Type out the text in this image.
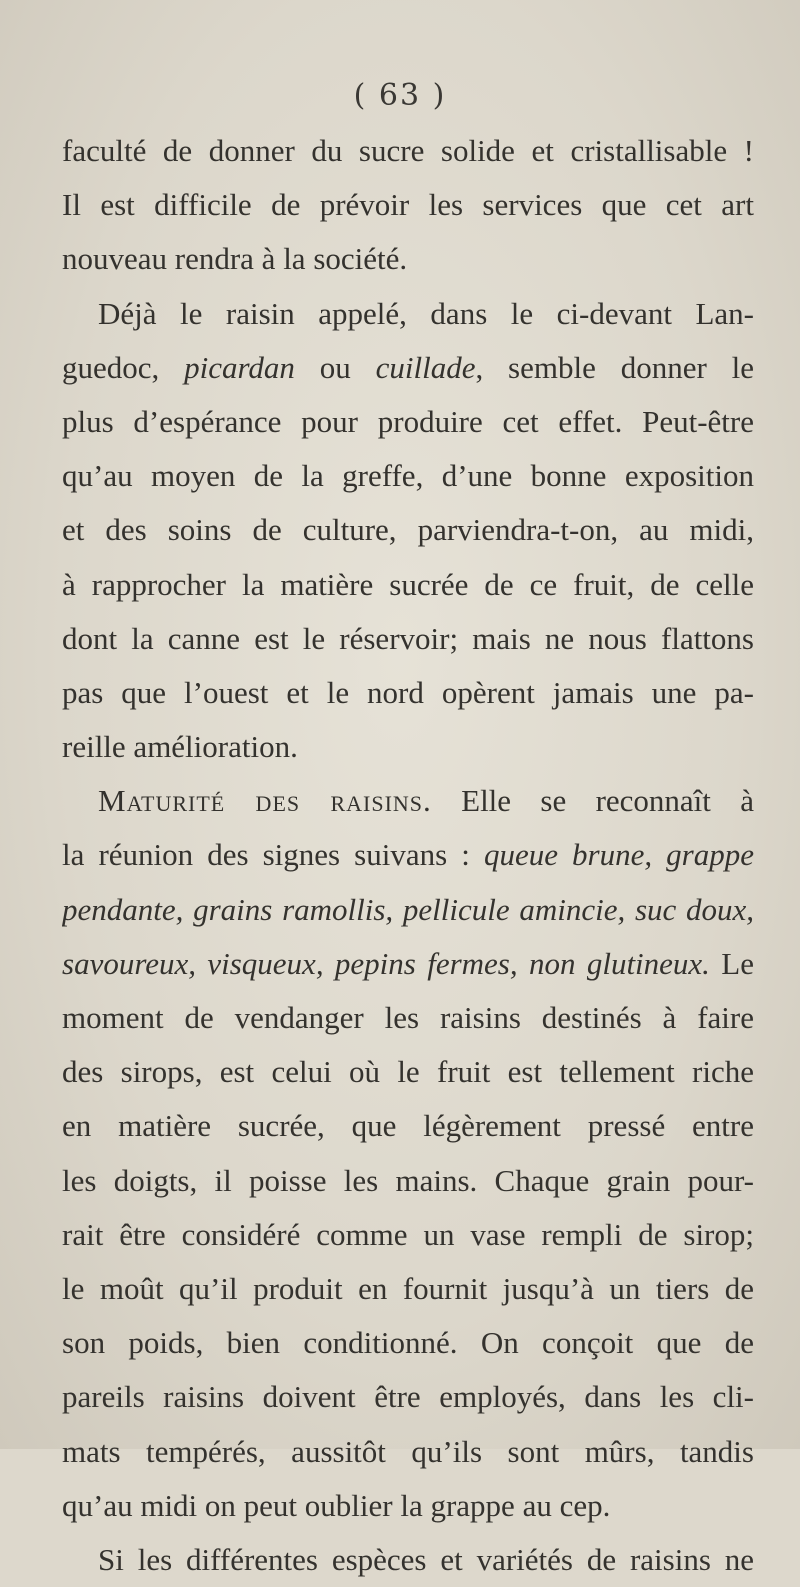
( 63 )
faculté de donner du sucre solide et cristallisable !
Il est difficile de prévoir les services que cet art
nouveau rendra à la société.
Déjà le raisin appelé, dans le ci-devant Lan-
guedoc, picardan ou cuillade, semble donner le
plus d’espérance pour produire cet effet. Peut-être
qu’au moyen de la greffe, d’une bonne exposition
et des soins de culture, parviendra-t-on, au midi,
à rapprocher la matière sucrée de ce fruit, de celle
dont la canne est le réservoir; mais ne nous flattons
pas que l’ouest et le nord opèrent jamais une pa-
reille amélioration.
Maturité des raisins. Elle se reconnaît à
la réunion des signes suivans : queue brune, grappe
pendante, grains ramollis, pellicule amincie, suc doux,
savoureux, visqueux, pepins fermes, non glutineux. Le
moment de vendanger les raisins destinés à faire
des sirops, est celui où le fruit est tellement riche
en matière sucrée, que légèrement pressé entre
les doigts, il poisse les mains. Chaque grain pour-
rait être considéré comme un vase rempli de sirop;
le moût qu’il produit en fournit jusqu’à un tiers de
son poids, bien conditionné. On conçoit que de
pareils raisins doivent être employés, dans les cli-
mats tempérés, aussitôt qu’ils sont mûrs, tandis
qu’au midi on peut oublier la grappe au cep.
Si les différentes espèces et variétés de raisins ne
